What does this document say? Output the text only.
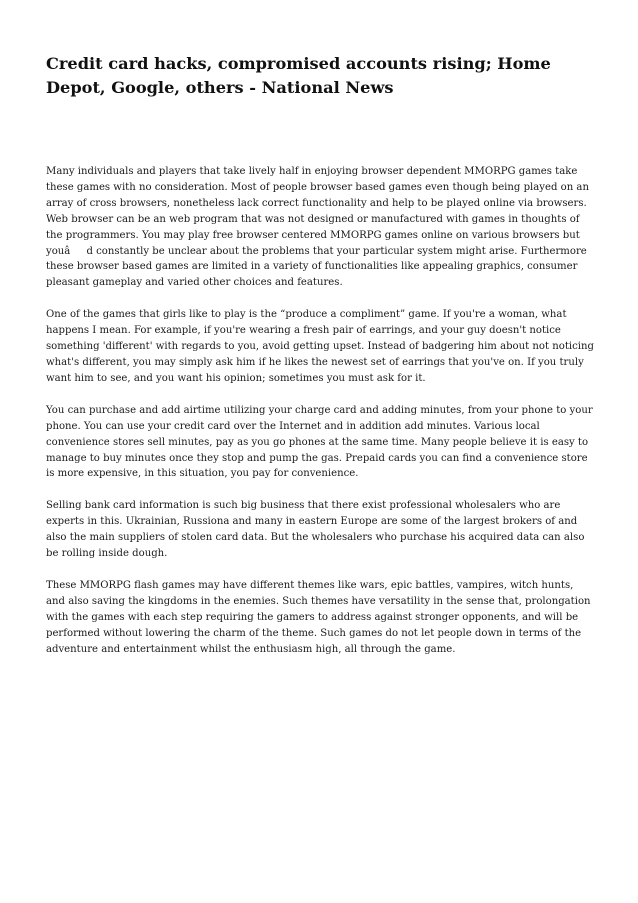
Credit card hacks, compromised accounts rising; Home Depot, Google, others - National News

Many individuals and players that take lively half in enjoying browser dependent MMORPG games take these games with no consideration. Most of people browser based games even though being played on an array of cross browsers, nonetheless lack correct functionality and help to be played online via browsers. Web browser can be an web program that was not designed or manufactured with games in thoughts of the programmers. You may play free browser centered MMORPG games online on various browsers but youâd constantly be unclear about the problems that your particular system might arise. Furthermore these browser based games are limited in a variety of functionalities like appealing graphics, consumer pleasant gameplay and varied other choices and features.

One of the games that girls like to play is the “produce a compliment” game. If you're a woman, what happens I mean. For example, if you're wearing a fresh pair of earrings, and your guy doesn't notice something 'different' with regards to you, avoid getting upset. Instead of badgering him about not noticing what's different, you may simply ask him if he likes the newest set of earrings that you've on. If you truly want him to see, and you want his opinion; sometimes you must ask for it.

You can purchase and add airtime utilizing your charge card and adding minutes, from your phone to your phone. You can use your credit card over the Internet and in addition add minutes. Various local convenience stores sell minutes, pay as you go phones at the same time. Many people believe it is easy to manage to buy minutes once they stop and pump the gas. Prepaid cards you can find a convenience store is more expensive, in this situation, you pay for convenience.

Selling bank card information is such big business that there exist professional wholesalers who are experts in this. Ukrainian, Russiona and many in eastern Europe are some of the largest brokers of and also the main suppliers of stolen card data. But the wholesalers who purchase his acquired data can also be rolling inside dough.

These MMORPG flash games may have different themes like wars, epic battles, vampires, witch hunts, and also saving the kingdoms in the enemies. Such themes have versatility in the sense that, prolongation with the games with each step requiring the gamers to address against stronger opponents, and will be performed without lowering the charm of the theme. Such games do not let people down in terms of the adventure and entertainment whilst the enthusiasm high, all through the game.
